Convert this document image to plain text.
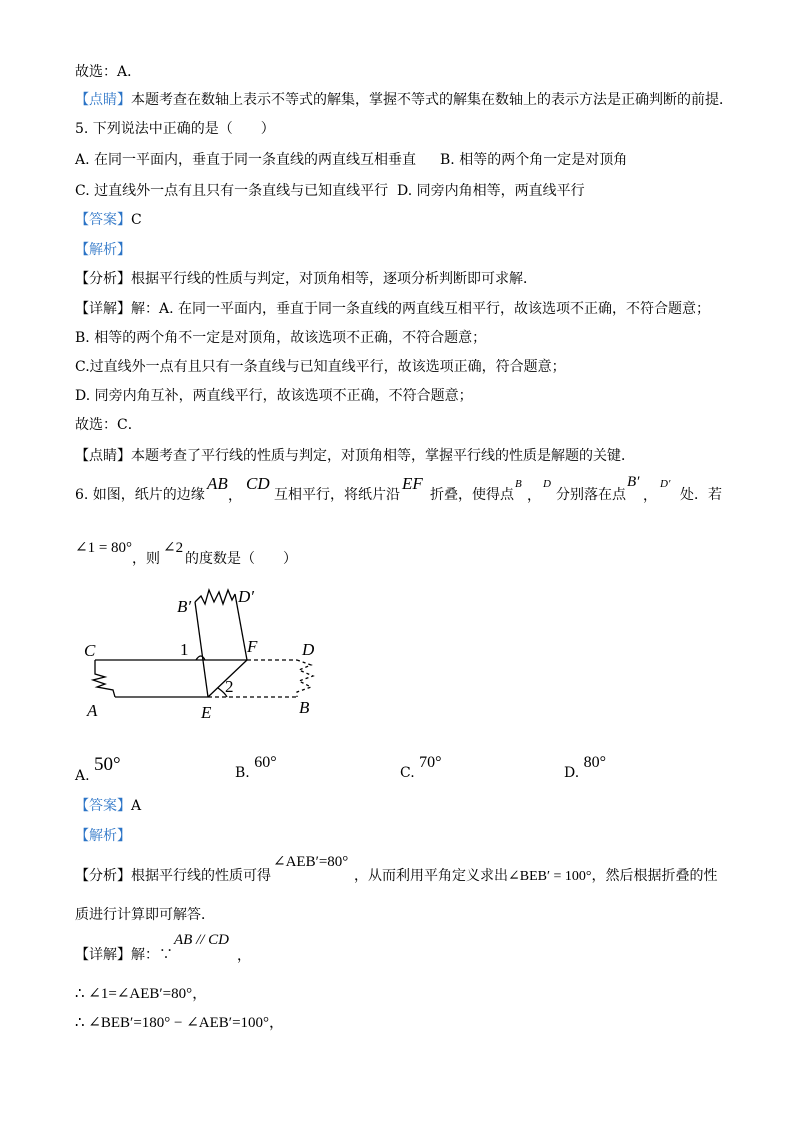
故选：A．
【点睛】本题考查在数轴上表示不等式的解集，掌握不等式的解集在数轴上的表示方法是正确判断的前提．
5. 下列说法中正确的是（　　）
A. 在同一平面内，垂直于同一条直线的两直线互相垂直 B. 相等的两个角一定是对顶角
C. 过直线外一点有且只有一条直线与已知直线平行 D. 同旁内角相等，两直线平行
【答案】C
【解析】
【分析】根据平行线的性质与判定，对顶角相等，逐项分析判断即可求解．
【详解】解：A. 在同一平面内，垂直于同一条直线的两直线互相平行，故该选项不正确，不符合题意；
B. 相等的两个角不一定是对顶角，故该选项不正确，不符合题意；
C.过直线外一点有且只有一条直线与已知直线平行，故该选项正确，符合题意；
D. 同旁内角互补，两直线平行，故该选项不正确，不符合题意；
故选：C．
【点睛】本题考查了平行线的性质与判定，对顶角相等，掌握平行线的性质是解题的关键．
6. 如图，纸片的边缘
AB
，
CD
互相平行，将纸片沿
EF
折叠，使得点
B
，
D
分别落在点
B′
，
D′
处．若
∠1 = 80°
，则
∠2
的度数是（　　）
C
A	E
F	D
B
B′
D′
1
2
A. 50°	B. 60°
C. 70°
D. 80°
【答案】A
【解析】
【分析】根据平行线的性质可得
∠AEB′=80°
，从而利用平角定义求出∠BEB′ = 100°，然后根据折叠的性
质进行计算即可解答．
【详解】解：∵
AB // CD
，
∴ ∠1=∠AEB′=80°，
∴ ∠BEB′=180° − ∠AEB′=100°，
